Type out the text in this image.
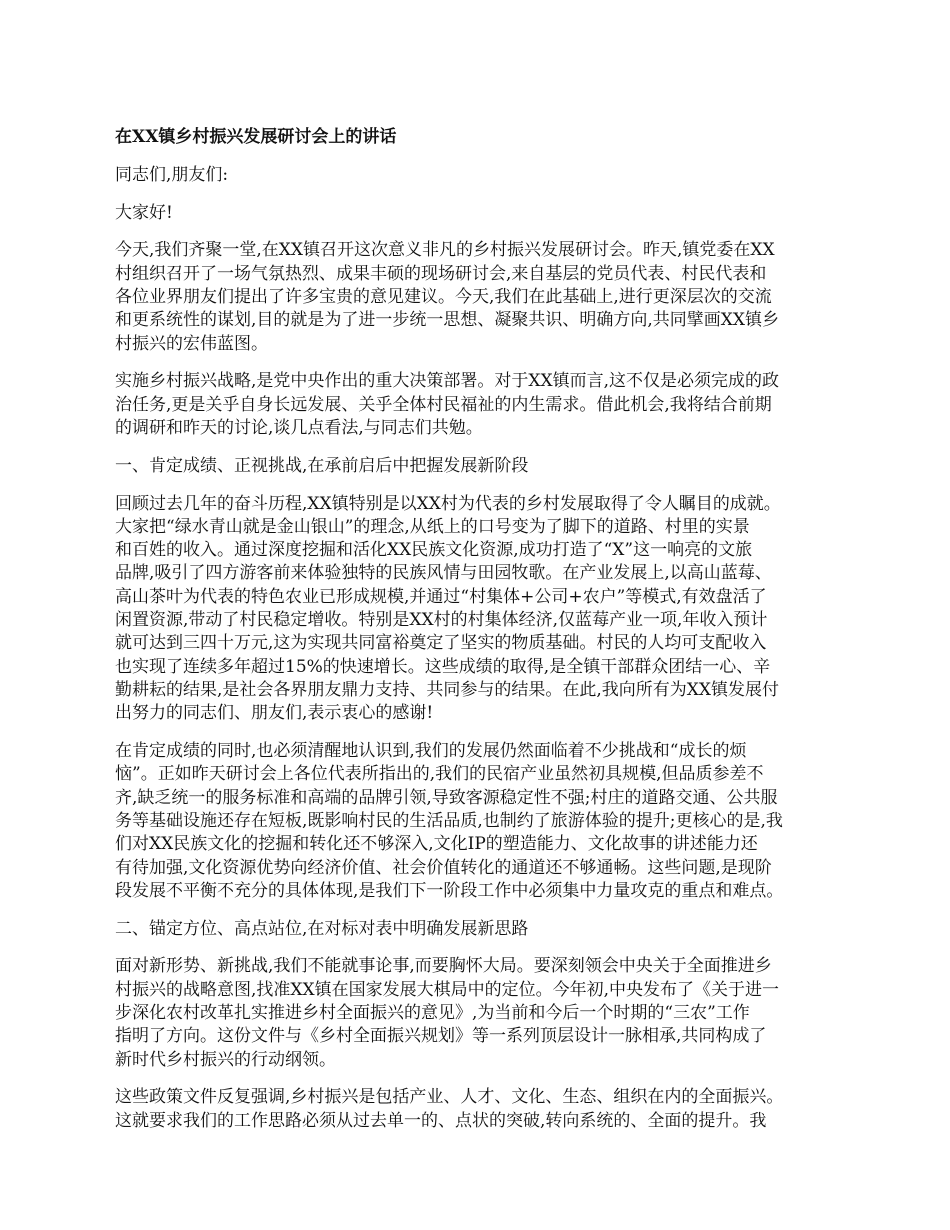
在XX镇乡村振兴发展研讨会上的讲话

同志们,朋友们:

大家好!

今天,我们齐聚一堂,在XX镇召开这次意义非凡的乡村振兴发展研讨会。昨天,镇党委在XX
村组织召开了一场气氛热烈、成果丰硕的现场研讨会,来自基层的党员代表、村民代表和
各位业界朋友们提出了许多宝贵的意见建议。今天,我们在此基础上,进行更深层次的交流
和更系统性的谋划,目的就是为了进一步统一思想、凝聚共识、明确方向,共同擘画XX镇乡
村振兴的宏伟蓝图。

实施乡村振兴战略,是党中央作出的重大决策部署。对于XX镇而言,这不仅是必须完成的政
治任务,更是关乎自身长远发展、关乎全体村民福祉的内生需求。借此机会,我将结合前期
的调研和昨天的讨论,谈几点看法,与同志们共勉。

一、肯定成绩、正视挑战,在承前启后中把握发展新阶段

回顾过去几年的奋斗历程,XX镇特别是以XX村为代表的乡村发展取得了令人瞩目的成就。
大家把“绿水青山就是金山银山”的理念,从纸上的口号变为了脚下的道路、村里的实景
和百姓的收入。通过深度挖掘和活化XX民族文化资源,成功打造了“X”这一响亮的文旅
品牌,吸引了四方游客前来体验独特的民族风情与田园牧歌。在产业发展上,以高山蓝莓、
高山茶叶为代表的特色农业已形成规模,并通过“村集体+公司+农户”等模式,有效盘活了
闲置资源,带动了村民稳定增收。特别是XX村的村集体经济,仅蓝莓产业一项,年收入预计
就可达到三四十万元,这为实现共同富裕奠定了坚实的物质基础。村民的人均可支配收入
也实现了连续多年超过15%的快速增长。这些成绩的取得,是全镇干部群众团结一心、辛
勤耕耘的结果,是社会各界朋友鼎力支持、共同参与的结果。在此,我向所有为XX镇发展付
出努力的同志们、朋友们,表示衷心的感谢!

在肯定成绩的同时,也必须清醒地认识到,我们的发展仍然面临着不少挑战和“成长的烦
恼”。正如昨天研讨会上各位代表所指出的,我们的民宿产业虽然初具规模,但品质参差不
齐,缺乏统一的服务标准和高端的品牌引领,导致客源稳定性不强;村庄的道路交通、公共服
务等基础设施还存在短板,既影响村民的生活品质,也制约了旅游体验的提升;更核心的是,我
们对XX民族文化的挖掘和转化还不够深入,文化IP的塑造能力、文化故事的讲述能力还
有待加强,文化资源优势向经济价值、社会价值转化的通道还不够通畅。这些问题,是现阶
段发展不平衡不充分的具体体现,是我们下一阶段工作中必须集中力量攻克的重点和难点。

二、锚定方位、高点站位,在对标对表中明确发展新思路

面对新形势、新挑战,我们不能就事论事,而要胸怀大局。要深刻领会中央关于全面推进乡
村振兴的战略意图,找准XX镇在国家发展大棋局中的定位。今年初,中央发布了《关于进一
步深化农村改革扎实推进乡村全面振兴的意见》,为当前和今后一个时期的“三农”工作
指明了方向。这份文件与《乡村全面振兴规划》等一系列顶层设计一脉相承,共同构成了
新时代乡村振兴的行动纲领。

这些政策文件反复强调,乡村振兴是包括产业、人才、文化、生态、组织在内的全面振兴。
这就要求我们的工作思路必须从过去单一的、点状的突破,转向系统的、全面的提升。我
